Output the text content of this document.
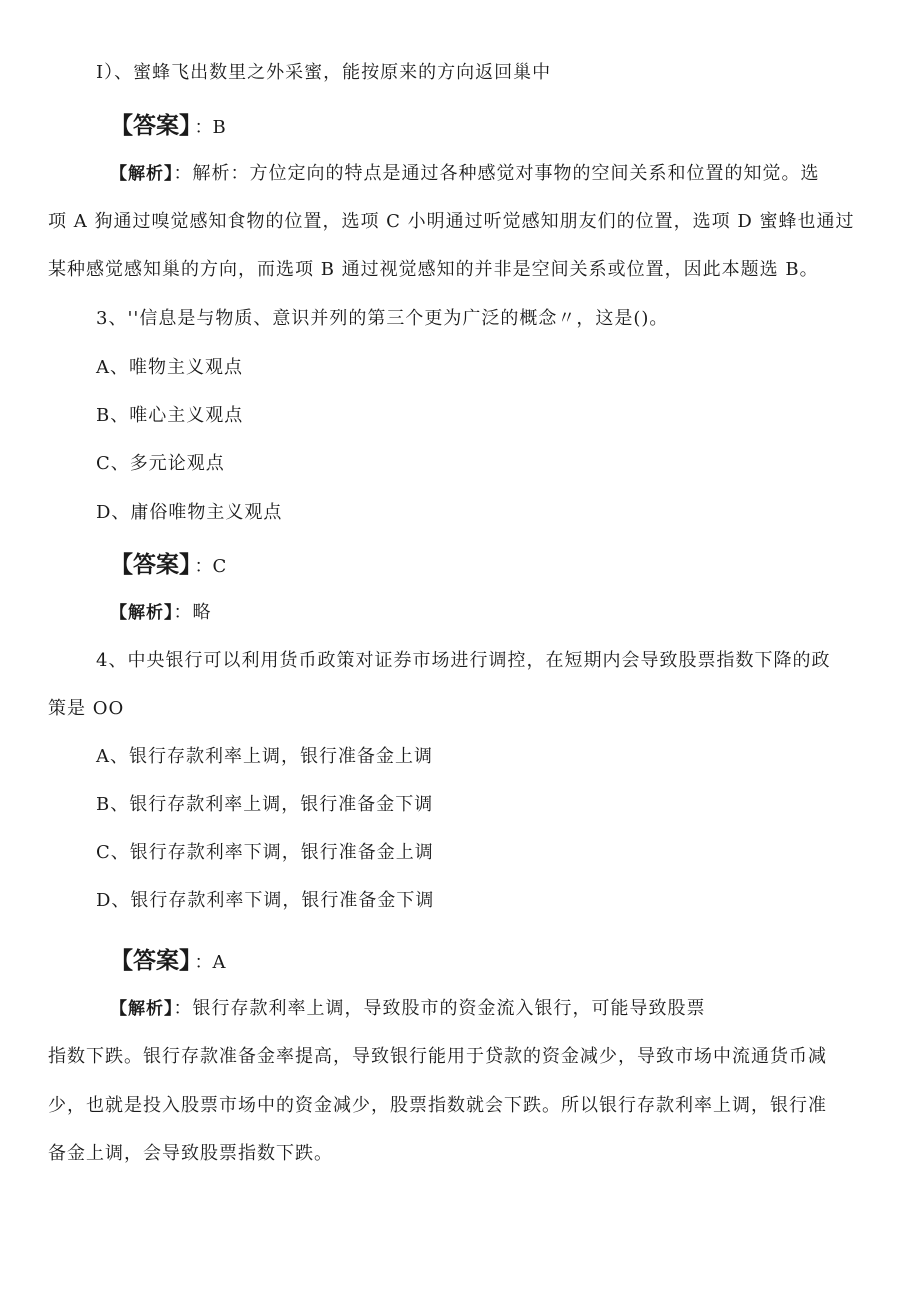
I）、蜜蜂飞出数里之外采蜜，能按原来的方向返回巢中
【答案】 ：B
【解析】：解析：方位定向的特点是通过各种感觉对事物的空间关系和位置的知觉。选
项 A 狗通过嗅觉感知食物的位置，选项 C 小明通过听觉感知朋友们的位置，选项 D 蜜蜂也通过
某种感觉感知巢的方向，而选项 B 通过视觉感知的并非是空间关系或位置，因此本题选 B。
3、''信息是与物质、意识并列的第三个更为广泛的概念〃，这是()。
A、唯物主义观点
B、唯心主义观点
C、多元论观点
D、庸俗唯物主义观点
【答案】 ：C
【解析】：略
4、中央银行可以利用货币政策对证券市场进行调控，在短期内会导致股票指数下降的政
策是 OO
A、银行存款利率上调，银行准备金上调
B、银行存款利率上调，银行准备金下调
C、银行存款利率下调，银行准备金上调
D、银行存款利率下调，银行准备金下调
【答案】 ：A
【解析】：银行存款利率上调，导致股市的资金流入银行，可能导致股票
指数下跌。银行存款准备金率提高，导致银行能用于贷款的资金减少，导致市场中流通货币减
少，也就是投入股票市场中的资金减少，股票指数就会下跌。所以银行存款利率上调，银行准
备金上调，会导致股票指数下跌。
